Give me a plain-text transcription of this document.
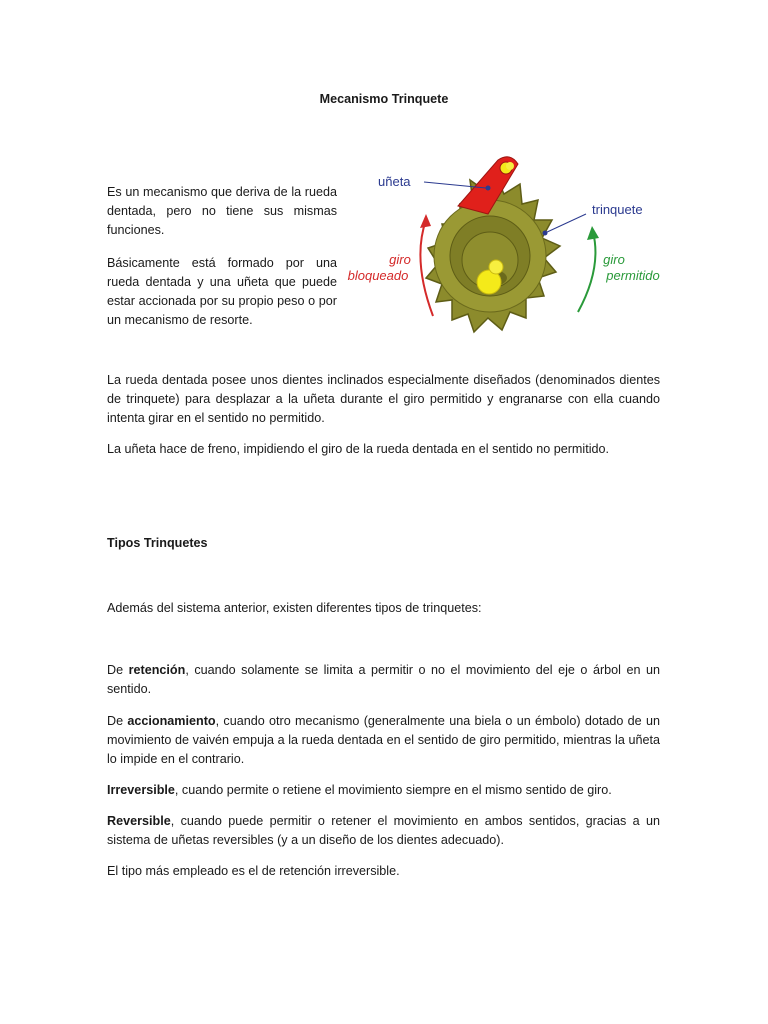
Mecanismo Trinquete

Es un mecanismo que deriva de la rueda dentada, pero no tiene sus mismas funciones.

Básicamente está formado por una rueda dentada y una uñeta que puede estar accionada por su propio peso o por un mecanismo de resorte.

uñeta
trinquete
giro
bloqueado
giro
permitido

La rueda dentada posee unos dientes inclinados especialmente diseñados (denominados dientes de trinquete) para desplazar a la uñeta durante el giro permitido y engranarse con ella cuando intenta girar en el sentido no permitido.

La uñeta hace de freno, impidiendo el giro de la rueda dentada en el sentido no permitido.

Tipos Trinquetes

Además del sistema anterior, existen diferentes tipos de trinquetes:

De retención, cuando solamente se limita a permitir o no el movimiento del eje o árbol en un sentido.

De accionamiento, cuando otro mecanismo (generalmente una biela o un émbolo) dotado de un movimiento de vaivén empuja a la rueda dentada en el sentido de giro permitido, mientras la uñeta lo impide en el contrario.

Irreversible, cuando permite o retiene el movimiento siempre en el mismo sentido de giro.

Reversible, cuando puede permitir o retener el movimiento en ambos sentidos, gracias a un sistema de uñetas reversibles (y a un diseño de los dientes adecuado).

El tipo más empleado es el de retención irreversible.
